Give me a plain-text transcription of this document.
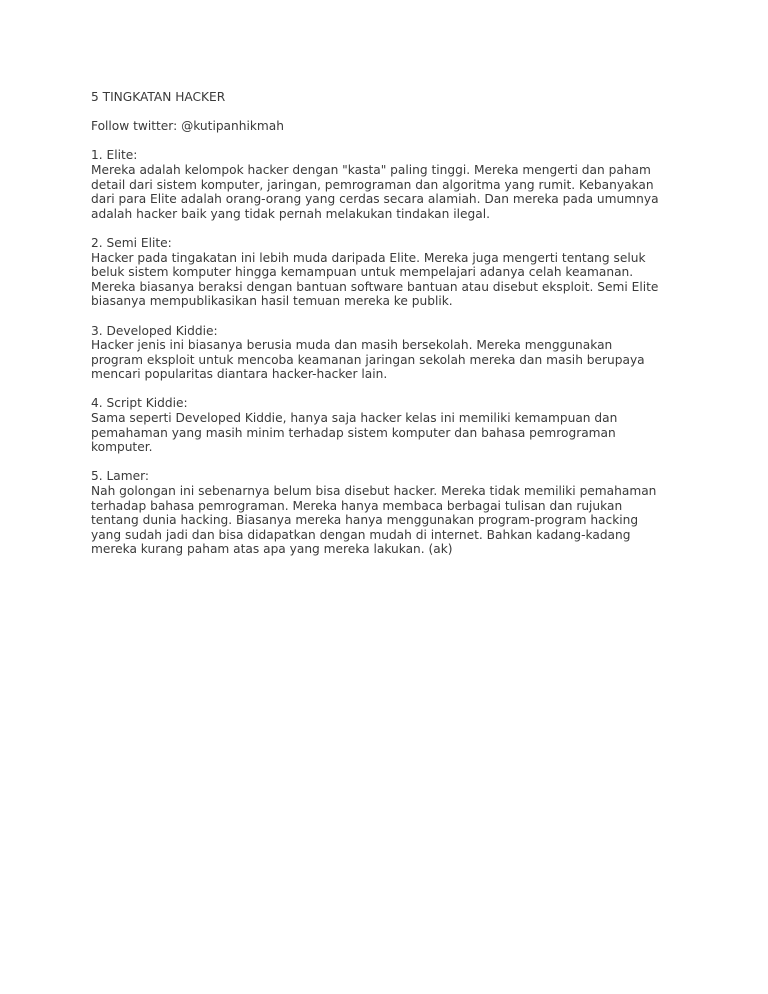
5 TINGKATAN HACKER
Follow twitter: @kutipanhikmah
1. Elite:
Mereka adalah kelompok hacker dengan "kasta" paling tinggi. Mereka mengerti dan paham
detail dari sistem komputer, jaringan, pemrograman dan algoritma yang rumit. Kebanyakan
dari para Elite adalah orang-orang yang cerdas secara alamiah. Dan mereka pada umumnya
adalah hacker baik yang tidak pernah melakukan tindakan ilegal.
2. Semi Elite:
Hacker pada tingakatan ini lebih muda daripada Elite. Mereka juga mengerti tentang seluk
beluk sistem komputer hingga kemampuan untuk mempelajari adanya celah keamanan.
Mereka biasanya beraksi dengan bantuan software bantuan atau disebut eksploit. Semi Elite
biasanya mempublikasikan hasil temuan mereka ke publik.
3. Developed Kiddie:
Hacker jenis ini biasanya berusia muda dan masih bersekolah. Mereka menggunakan
program eksploit untuk mencoba keamanan jaringan sekolah mereka dan masih berupaya
mencari popularitas diantara hacker-hacker lain.
4. Script Kiddie:
Sama seperti Developed Kiddie, hanya saja hacker kelas ini memiliki kemampuan dan
pemahaman yang masih minim terhadap sistem komputer dan bahasa pemrograman
komputer.
5. Lamer:
Nah golongan ini sebenarnya belum bisa disebut hacker. Mereka tidak memiliki pemahaman
terhadap bahasa pemrograman. Mereka hanya membaca berbagai tulisan dan rujukan
tentang dunia hacking. Biasanya mereka hanya menggunakan program-program hacking
yang sudah jadi dan bisa didapatkan dengan mudah di internet. Bahkan kadang-kadang
mereka kurang paham atas apa yang mereka lakukan. (ak)
